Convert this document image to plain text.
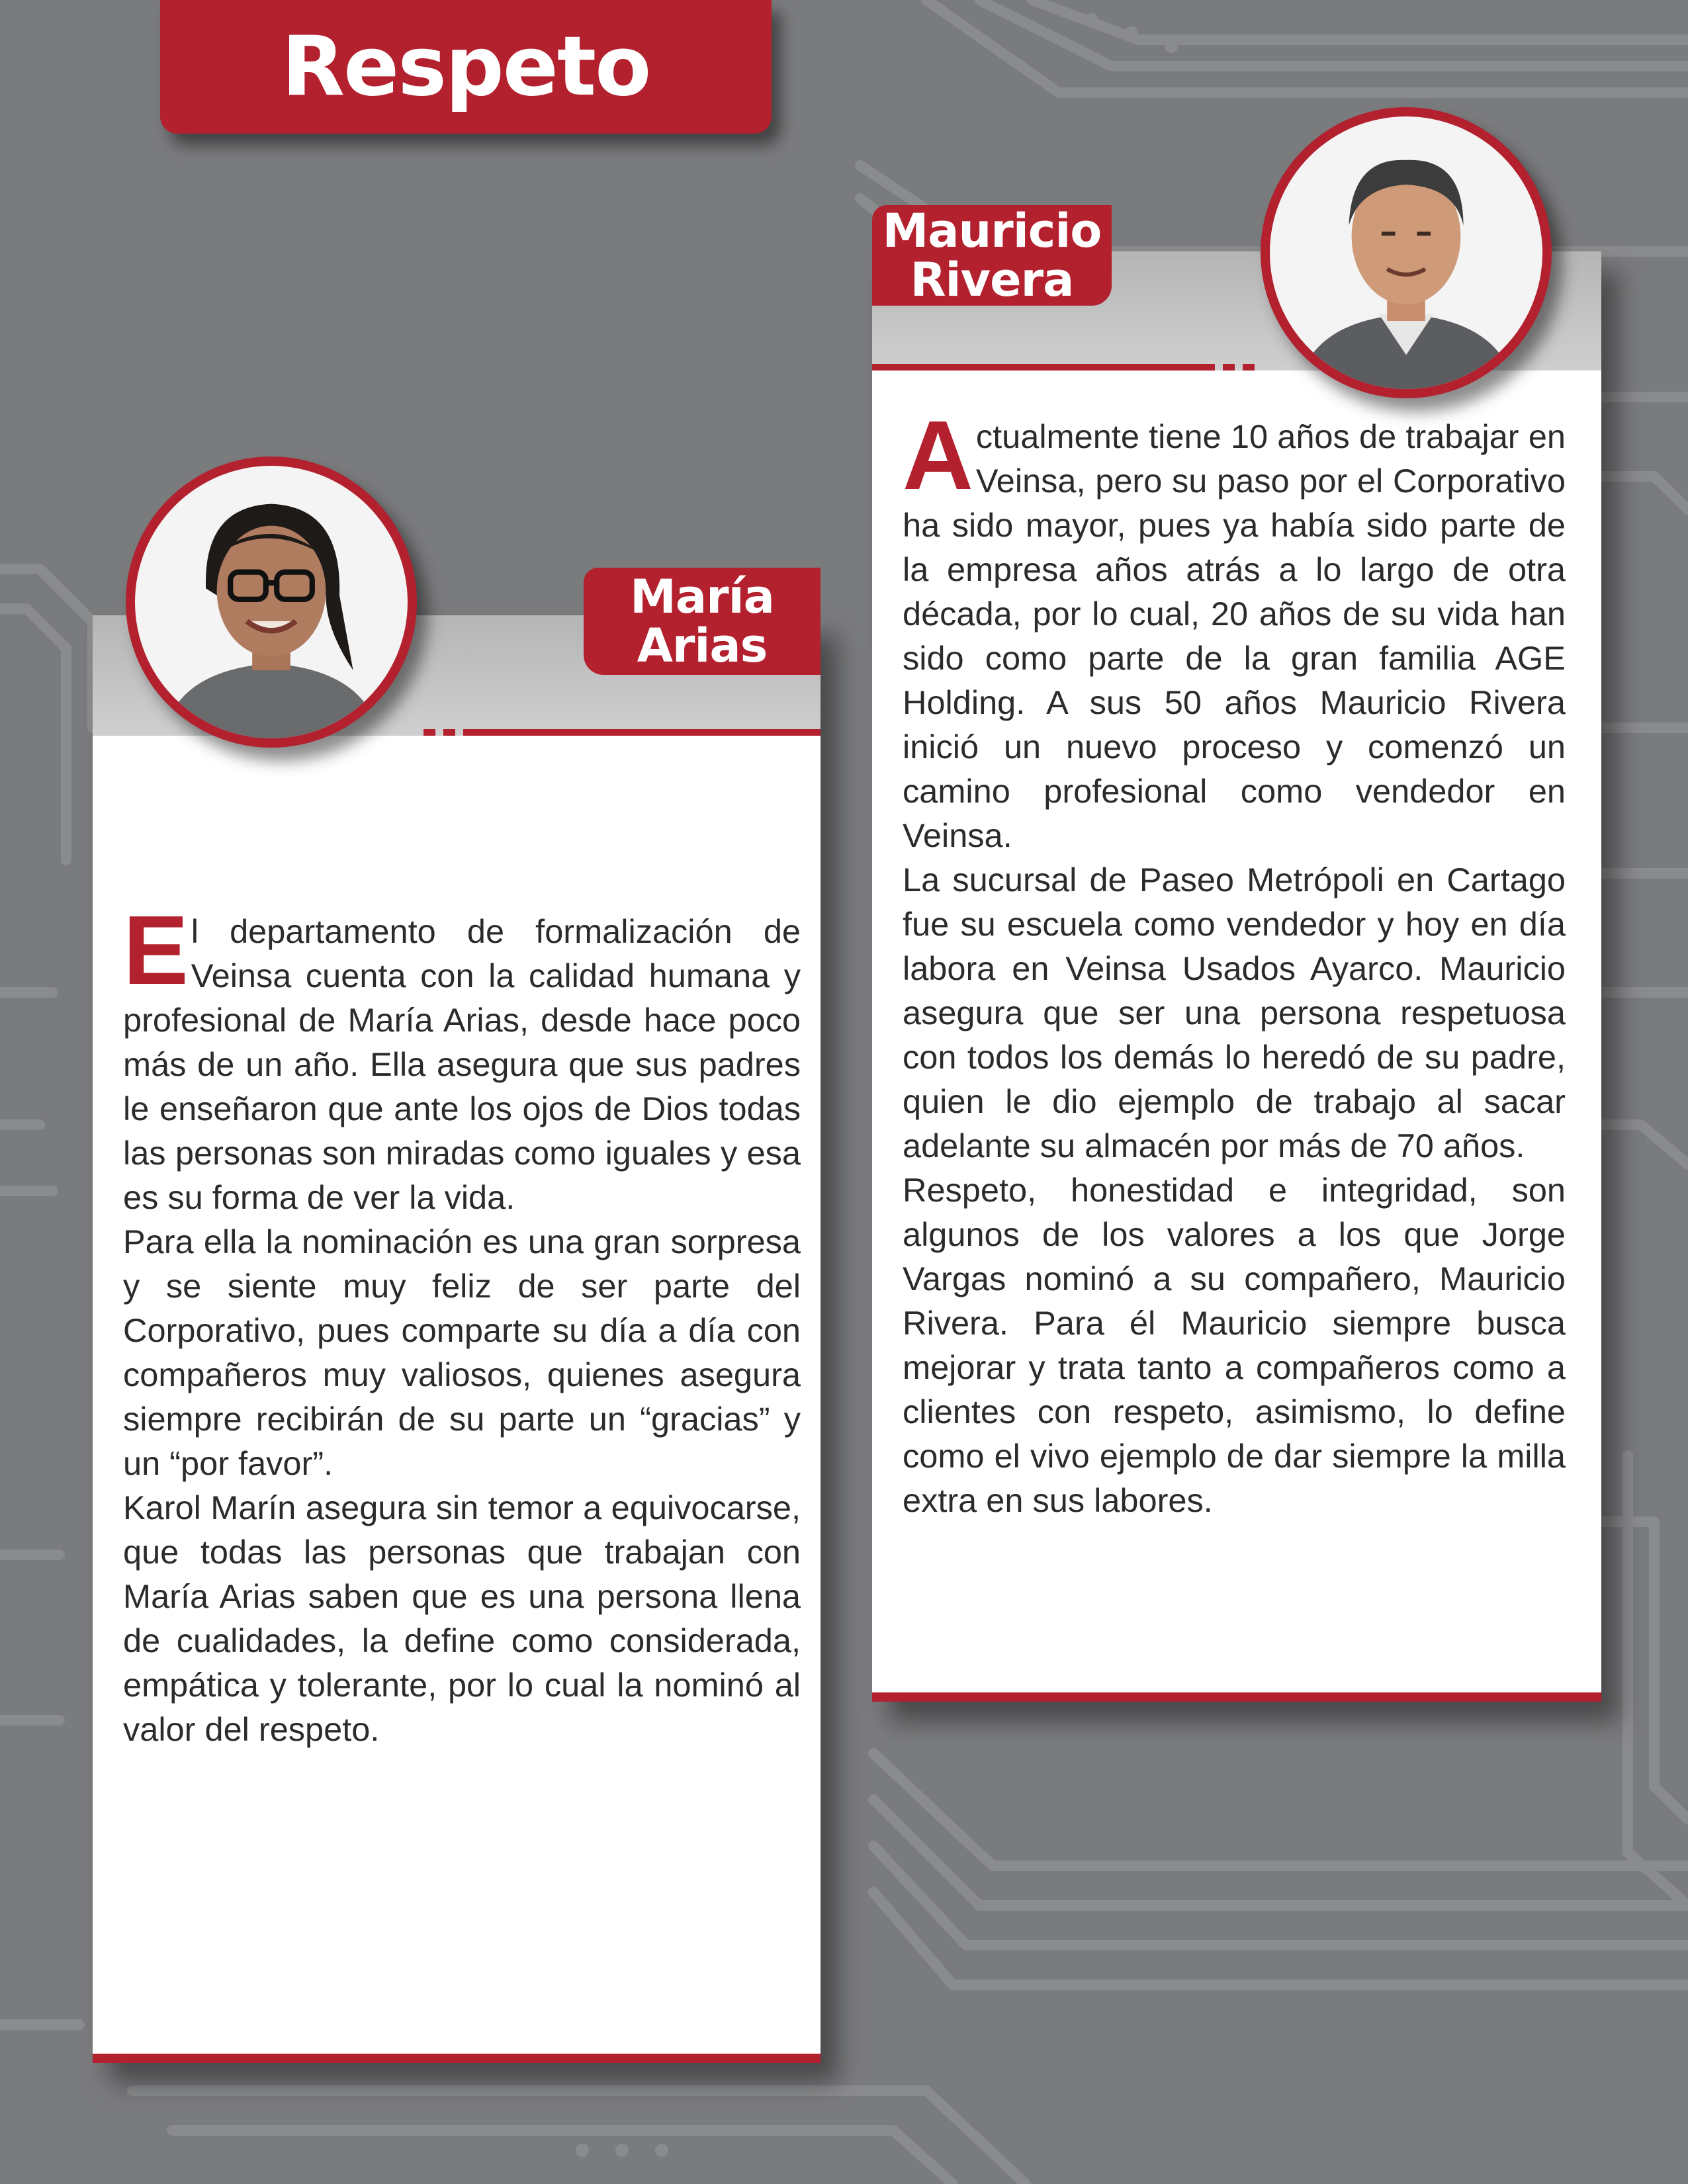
Respeto
Mauricio
Rivera

Actualmente tiene 10 años de trabajar en Veinsa, pero su paso por el Corporativo ha sido mayor, pues ya había sido parte de la empresa años atrás a lo largo de otra década, por lo cual, 20 años de su vida han sido como parte de la gran familia AGE Holding. A sus 50 años Mauricio Rivera inició un nuevo proceso y comenzó un camino profesional como vendedor en Veinsa.

La sucursal de Paseo Metrópoli en Cartago fue su escuela como vendedor y hoy en día labora en Veinsa Usados Ayarco. Mauricio asegura que ser una persona respetuosa con todos los demás lo heredó de su padre, quien le dio ejemplo de trabajo al sacar adelante su almacén por más de 70 años.

Respeto, honestidad e integridad, son algunos de los valores a los que Jorge Vargas nominó a su compañero, Mauricio Rivera. Para él Mauricio siempre busca mejorar y trata tanto a compañeros como a clientes con respeto, asimismo, lo define como el vivo ejemplo de dar siempre la milla extra en sus labores.

María
Arias

El departamento de formalización de Veinsa cuenta con la calidad humana y profesional de María Arias, desde hace poco más de un año. Ella asegura que sus padres le enseñaron que ante los ojos de Dios todas las personas son miradas como iguales y esa es su forma de ver la vida.

Para ella la nominación es una gran sorpresa y se siente muy feliz de ser parte del Corporativo, pues comparte su día a día con compañeros muy valiosos, quienes asegura siempre recibirán de su parte un “gracias” y un “por favor”.

Karol Marín asegura sin temor a equivocarse, que todas las personas que trabajan con María Arias saben que es una persona llena de cualidades, la define como considerada, empática y tolerante, por lo cual la nominó al valor del respeto.
